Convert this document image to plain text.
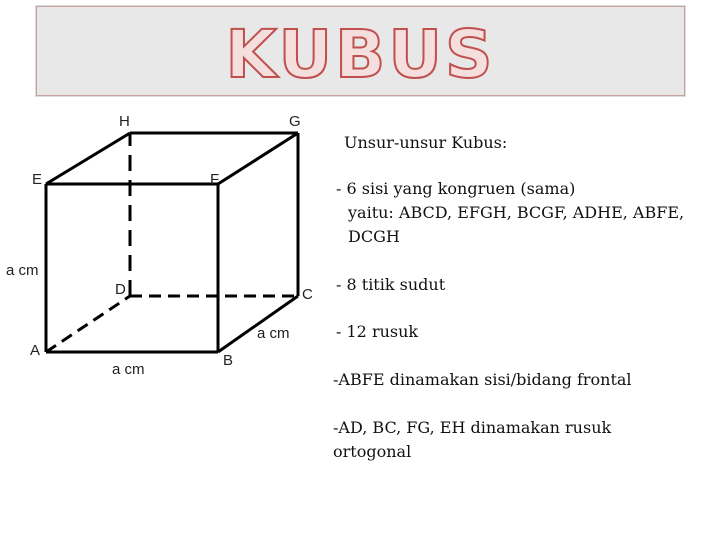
KUBUS
H	G
E	F
D	C
A
B
a cm
a cm
a cm
Unsur-unsur Kubus:
- 6 sisi yang kongruen (sama)
yaitu: ABCD, EFGH, BCGF, ADHE, ABFE,
DCGH
- 8 titik sudut
- 12 rusuk
-ABFE dinamakan sisi/bidang frontal
-AD, BC, FG, EH dinamakan rusuk
ortogonal
